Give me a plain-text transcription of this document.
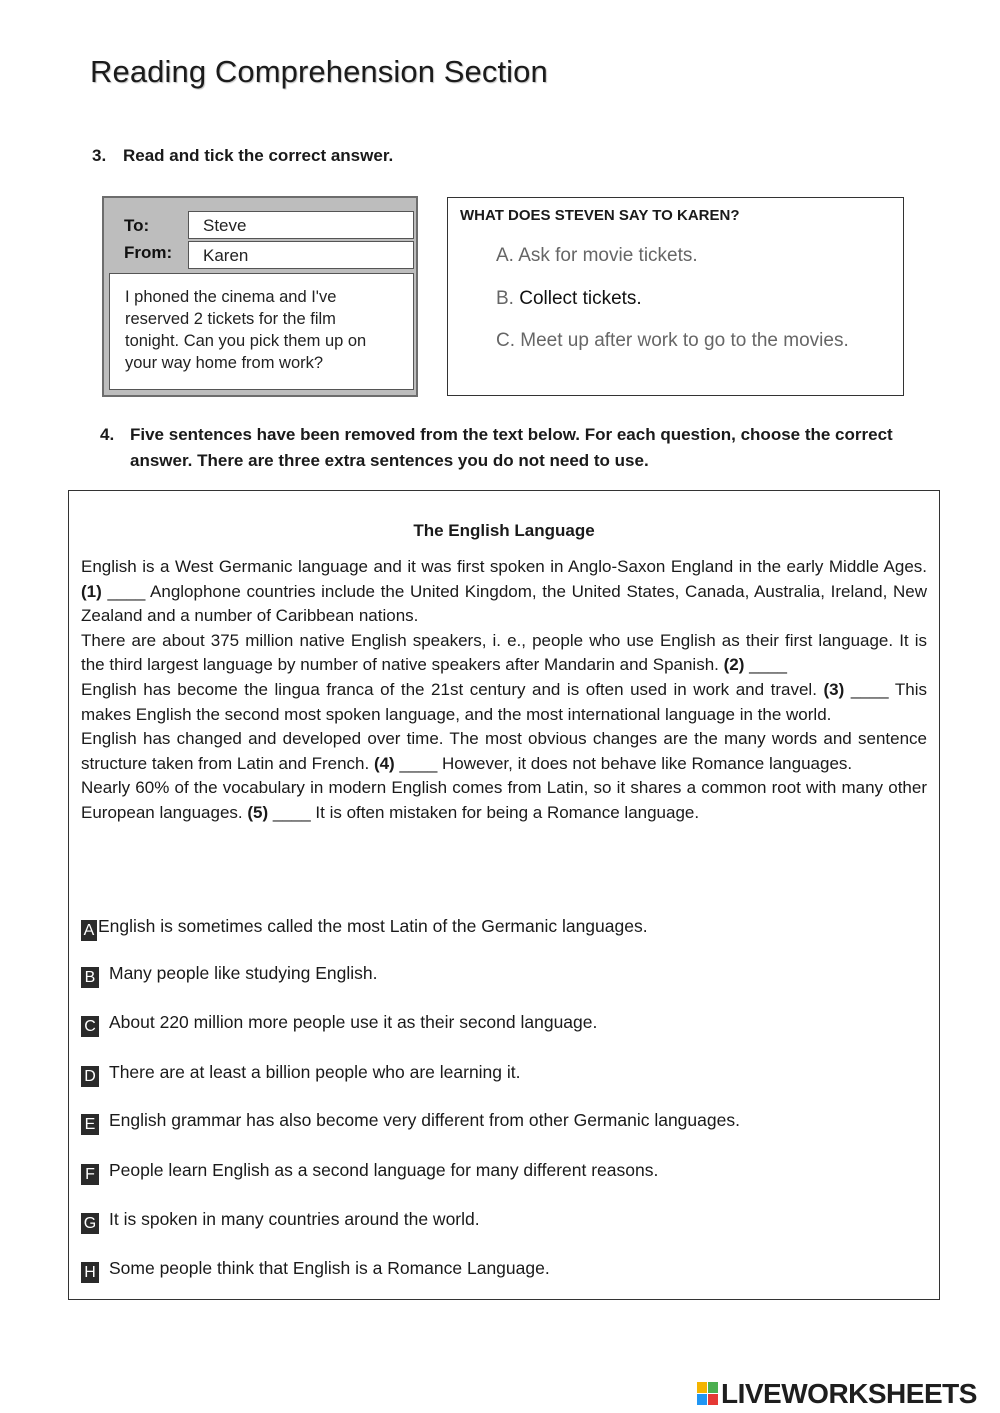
Reading Comprehension Section
3. Read and tick the correct answer.
To:	Steve
From:	Karen
I phoned the cinema and I've
reserved 2 tickets for the film
tonight. Can you pick them up on
your way home from work?
WHAT DOES STEVEN SAY TO KAREN?
A. Ask for movie tickets.
B. Collect tickets.
C. Meet up after work to go to the movies.
4. Five sentences have been removed from the text below. For each question, choose the correct answer. There are three extra sentences you do not need to use.
The English Language

English is a West Germanic language and it was first spoken in Anglo-Saxon England in the early Middle Ages. (1) ____ Anglophone countries include the United Kingdom, the United States, Canada, Australia, Ireland, New Zealand and a number of Caribbean nations.

There are about 375 million native English speakers, i. e., people who use English as their first language. It is the third largest language by number of native speakers after Mandarin and Spanish. (2) ____

English has become the lingua franca of the 21st century and is often used in work and travel. (3) ____ This makes English the second most spoken language, and the most international language in the world.

English has changed and developed over time. The most obvious changes are the many words and sentence structure taken from Latin and French. (4) ____ However, it does not behave like Romance languages.

Nearly 60% of the vocabulary in modern English comes from Latin, so it shares a common root with many other European languages. (5) ____ It is often mistaken for being a Romance language.

A English is sometimes called the most Latin of the Germanic languages.
B Many people like studying English.
C About 220 million more people use it as their second language.
D There are at least a billion people who are learning it.
E English grammar has also become very different from other Germanic languages.
F People learn English as a second language for many different reasons.
G It is spoken in many countries around the world.
H Some people think that English is a Romance Language.
LIVEWORKSHEETS
